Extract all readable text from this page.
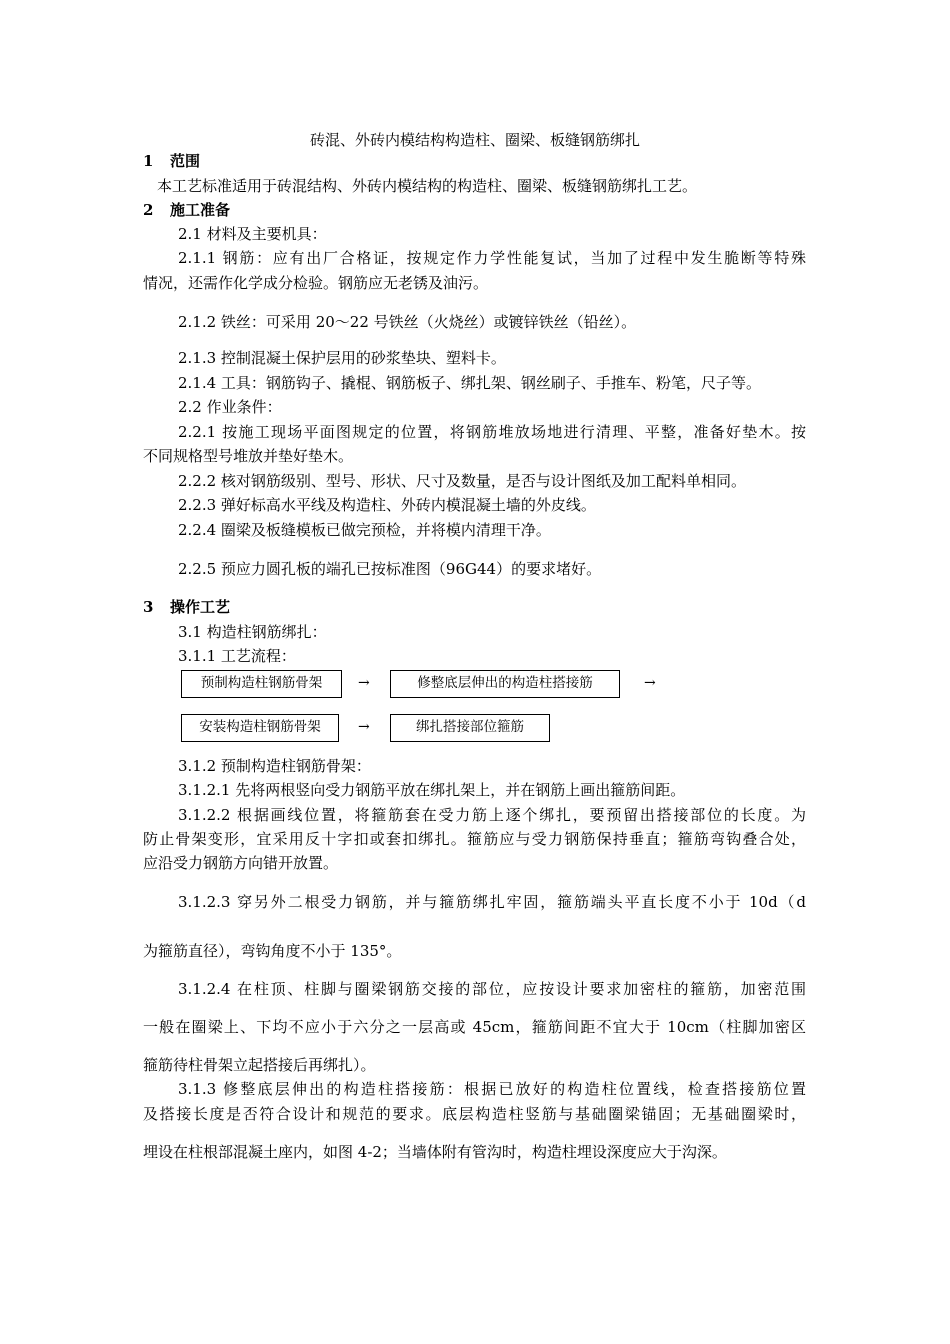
砖混、外砖内模结构构造柱、圈梁、板缝钢筋绑扎
1 范围
本工艺标准适用于砖混结构、外砖内模结构的构造柱、圈梁、板缝钢筋绑扎工艺。
2 施工准备
2.1 材料及主要机具：
2.1.1 钢筋：应有出厂合格证，按规定作力学性能复试，当加了过程中发生脆断等特殊
情况，还需作化学成分检验。钢筋应无老锈及油污。
2.1.2 铁丝：可采用 20～22 号铁丝（火烧丝）或镀锌铁丝（铅丝）。
2.1.3 控制混凝土保护层用的砂浆垫块、塑料卡。
2.1.4 工具：钢筋钩子、撬棍、钢筋板子、绑扎架、钢丝刷子、手推车、粉笔，尺子等。
2.2 作业条件：
2.2.1 按施工现场平面图规定的位置，将钢筋堆放场地进行清理、平整，准备好垫木。按
不同规格型号堆放并垫好垫木。
2.2.2 核对钢筋级别、型号、形状、尺寸及数量，是否与设计图纸及加工配料单相同。
2.2.3 弹好标高水平线及构造柱、外砖内模混凝土墙的外皮线。
2.2.4 圈梁及板缝模板已做完预检，并将模内清理干净。
2.2.5 预应力圆孔板的端孔已按标准图（96G44）的要求堵好。
3 操作工艺
3.1 构造柱钢筋绑扎：
3.1.1 工艺流程：
预制构造柱钢筋骨架	→	修整底层伸出的构造柱搭接筋	→
安装构造柱钢筋骨架	→	绑扎搭接部位箍筋
3.1.2 预制构造柱钢筋骨架：
3.1.2.1 先将两根竖向受力钢筋平放在绑扎架上，并在钢筋上画出箍筋间距。
3.1.2.2 根据画线位置，将箍筋套在受力筋上逐个绑扎，要预留出搭接部位的长度。为
防止骨架变形，宜采用反十字扣或套扣绑扎。箍筋应与受力钢筋保持垂直；箍筋弯钩叠合处，
应沿受力钢筋方向错开放置。
3.1.2.3 穿另外二根受力钢筋，并与箍筋绑扎牢固，箍筋端头平直长度不小于 10d（d
为箍筋直径），弯钩角度不小于 135°。
3.1.2.4 在柱顶、柱脚与圈梁钢筋交接的部位，应按设计要求加密柱的箍筋，加密范围
一般在圈梁上、下均不应小于六分之一层高或 45cm，箍筋间距不宜大于 10cm（柱脚加密区
箍筋待柱骨架立起搭接后再绑扎）。
3.1.3 修整底层伸出的构造柱搭接筋：根据已放好的构造柱位置线，检查搭接筋位置
及搭接长度是否符合设计和规范的要求。底层构造柱竖筋与基础圈梁锚固；无基础圈梁时，
埋设在柱根部混凝土座内，如图 4-2；当墙体附有管沟时，构造柱埋设深度应大于沟深。
